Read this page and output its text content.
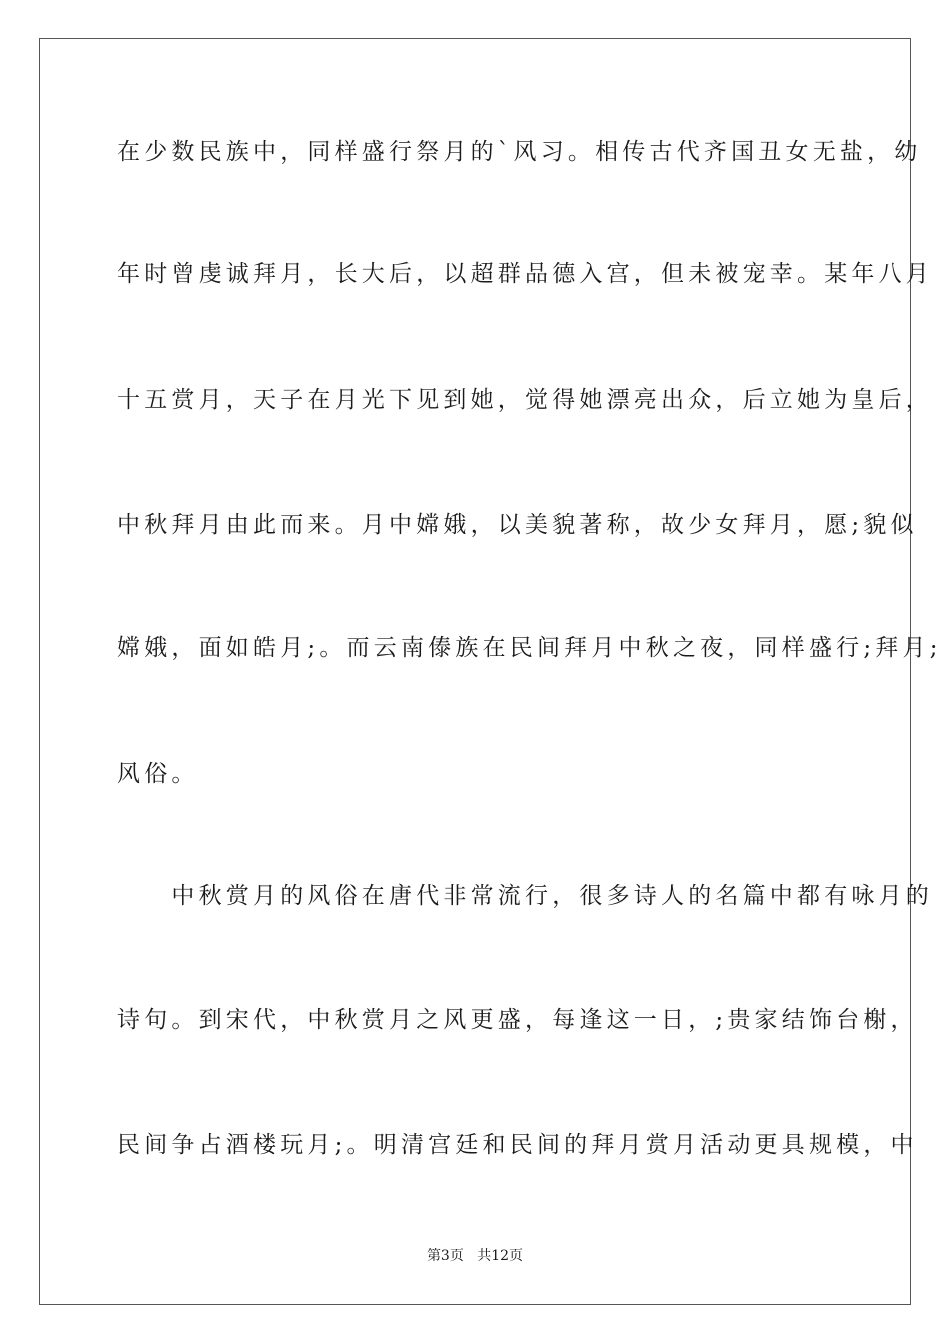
在少数民族中，同样盛行祭月的`风习。相传古代齐国丑女无盐，幼
年时曾虔诚拜月，长大后，以超群品德入宫，但未被宠幸。某年八月
十五赏月，天子在月光下见到她，觉得她漂亮出众，后立她为皇后，
中秋拜月由此而来。月中嫦娥，以美貌著称，故少女拜月，愿;貌似
嫦娥，面如皓月;。而云南傣族在民间拜月中秋之夜，同样盛行;拜月;
风俗。
　　中秋赏月的风俗在唐代非常流行，很多诗人的名篇中都有咏月的
诗句。到宋代，中秋赏月之风更盛，每逢这一日，;贵家结饰台榭，
民间争占酒楼玩月;。明清宫廷和民间的拜月赏月活动更具规模，中
第3页 共12页
